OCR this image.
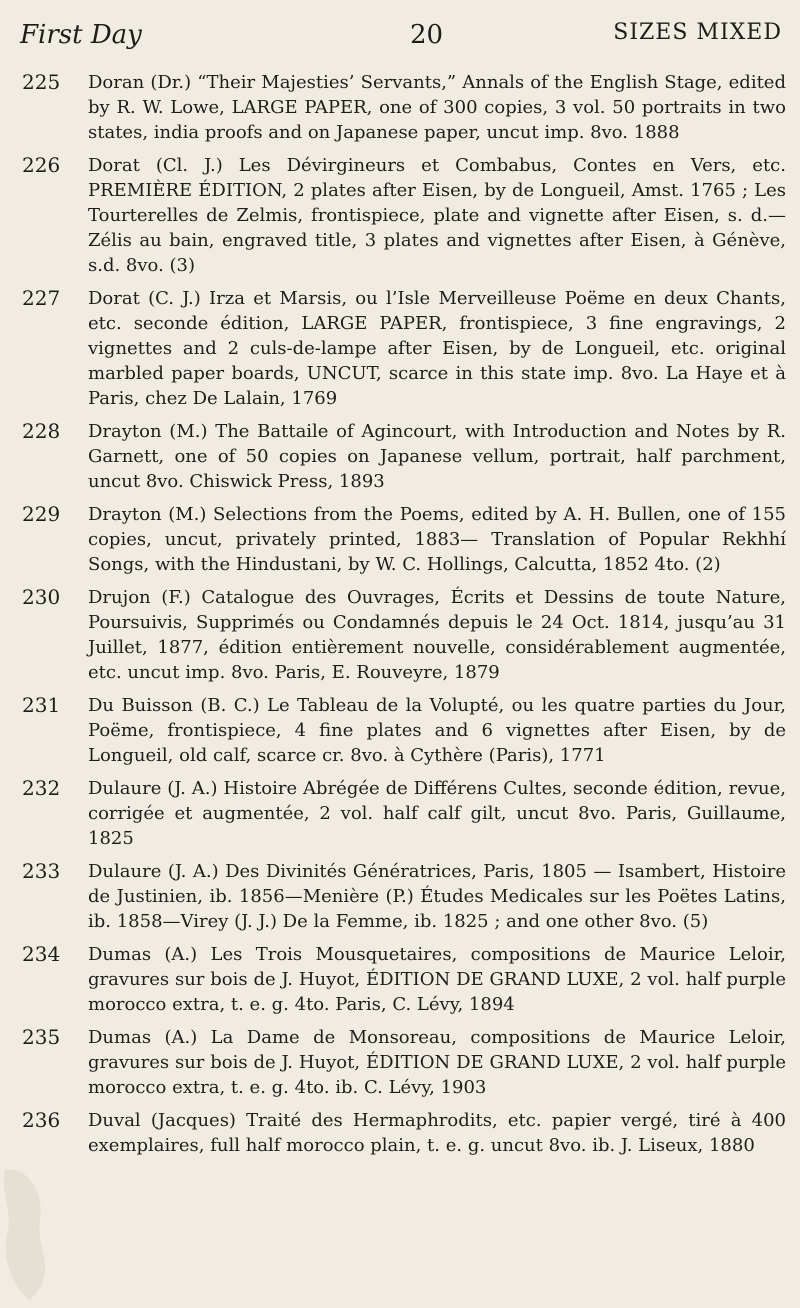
First Day	20	SIZES MIXED
225 Doran (Dr.) “Their Majesties’ Servants,” Annals of the English Stage, edited by R. W. Lowe, LARGE PAPER, one of 300 copies, 3 vol. 50 portraits in two states, india proofs and on Japanese paper, uncut imp. 8vo. 1888
226 Dorat (Cl. J.) Les Dévirgineurs et Combabus, Contes en Vers, etc. PREMIÈRE ÉDITION, 2 plates after Eisen, by de Longueil, Amst. 1765 ; Les Tourterelles de Zelmis, frontispiece, plate and vignette after Eisen, s. d.—Zélis au bain, engraved title, 3 plates and vignettes after Eisen, à Génève, s.d. 8vo. (3)
227 Dorat (C. J.) Irza et Marsis, ou l’Isle Merveilleuse Poëme en deux Chants, etc. seconde édition, LARGE PAPER, frontispiece, 3 fine engravings, 2 vignettes and 2 culs-de-lampe after Eisen, by de Longueil, etc. original marbled paper boards, UNCUT, scarce in this state imp. 8vo. La Haye et à Paris, chez De Lalain, 1769
228 Drayton (M.) The Battaile of Agincourt, with Introduction and Notes by R. Garnett, one of 50 copies on Japanese vellum, portrait, half parchment, uncut 8vo. Chiswick Press, 1893
229 Drayton (M.) Selections from the Poems, edited by A. H. Bullen, one of 155 copies, uncut, privately printed, 1883— Translation of Popular Rekhhí Songs, with the Hindustani, by W. C. Hollings, Calcutta, 1852 4to. (2)
230 Drujon (F.) Catalogue des Ouvrages, Écrits et Dessins de toute Nature, Poursuivis, Supprimés ou Condamnés depuis le 24 Oct. 1814, jusqu’au 31 Juillet, 1877, édition entièrement nouvelle, considérablement augmentée, etc. uncut imp. 8vo. Paris, E. Rouveyre, 1879
231 Du Buisson (B. C.) Le Tableau de la Volupté, ou les quatre parties du Jour, Poëme, frontispiece, 4 fine plates and 6 vignettes after Eisen, by de Longueil, old calf, scarce cr. 8vo. à Cythère (Paris), 1771
232 Dulaure (J. A.) Histoire Abrégée de Différens Cultes, seconde édition, revue, corrigée et augmentée, 2 vol. half calf gilt, uncut 8vo. Paris, Guillaume, 1825
233 Dulaure (J. A.) Des Divinités Génératrices, Paris, 1805 — Isambert, Histoire de Justinien, ib. 1856—Menière (P.) Études Medicales sur les Poëtes Latins, ib. 1858—Virey (J. J.) De la Femme, ib. 1825 ; and one other 8vo. (5)
234 Dumas (A.) Les Trois Mousquetaires, compositions de Maurice Leloir, gravures sur bois de J. Huyot, ÉDITION DE GRAND LUXE, 2 vol. half purple morocco extra, t. e. g. 4to. Paris, C. Lévy, 1894
235 Dumas (A.) La Dame de Monsoreau, compositions de Maurice Leloir, gravures sur bois de J. Huyot, ÉDITION DE GRAND LUXE, 2 vol. half purple morocco extra, t. e. g. 4to. ib. C. Lévy, 1903
236 Duval (Jacques) Traité des Hermaphrodits, etc. papier vergé, tiré à 400 exemplaires, full half morocco plain, t. e. g. uncut 8vo. ib. J. Liseux, 1880
